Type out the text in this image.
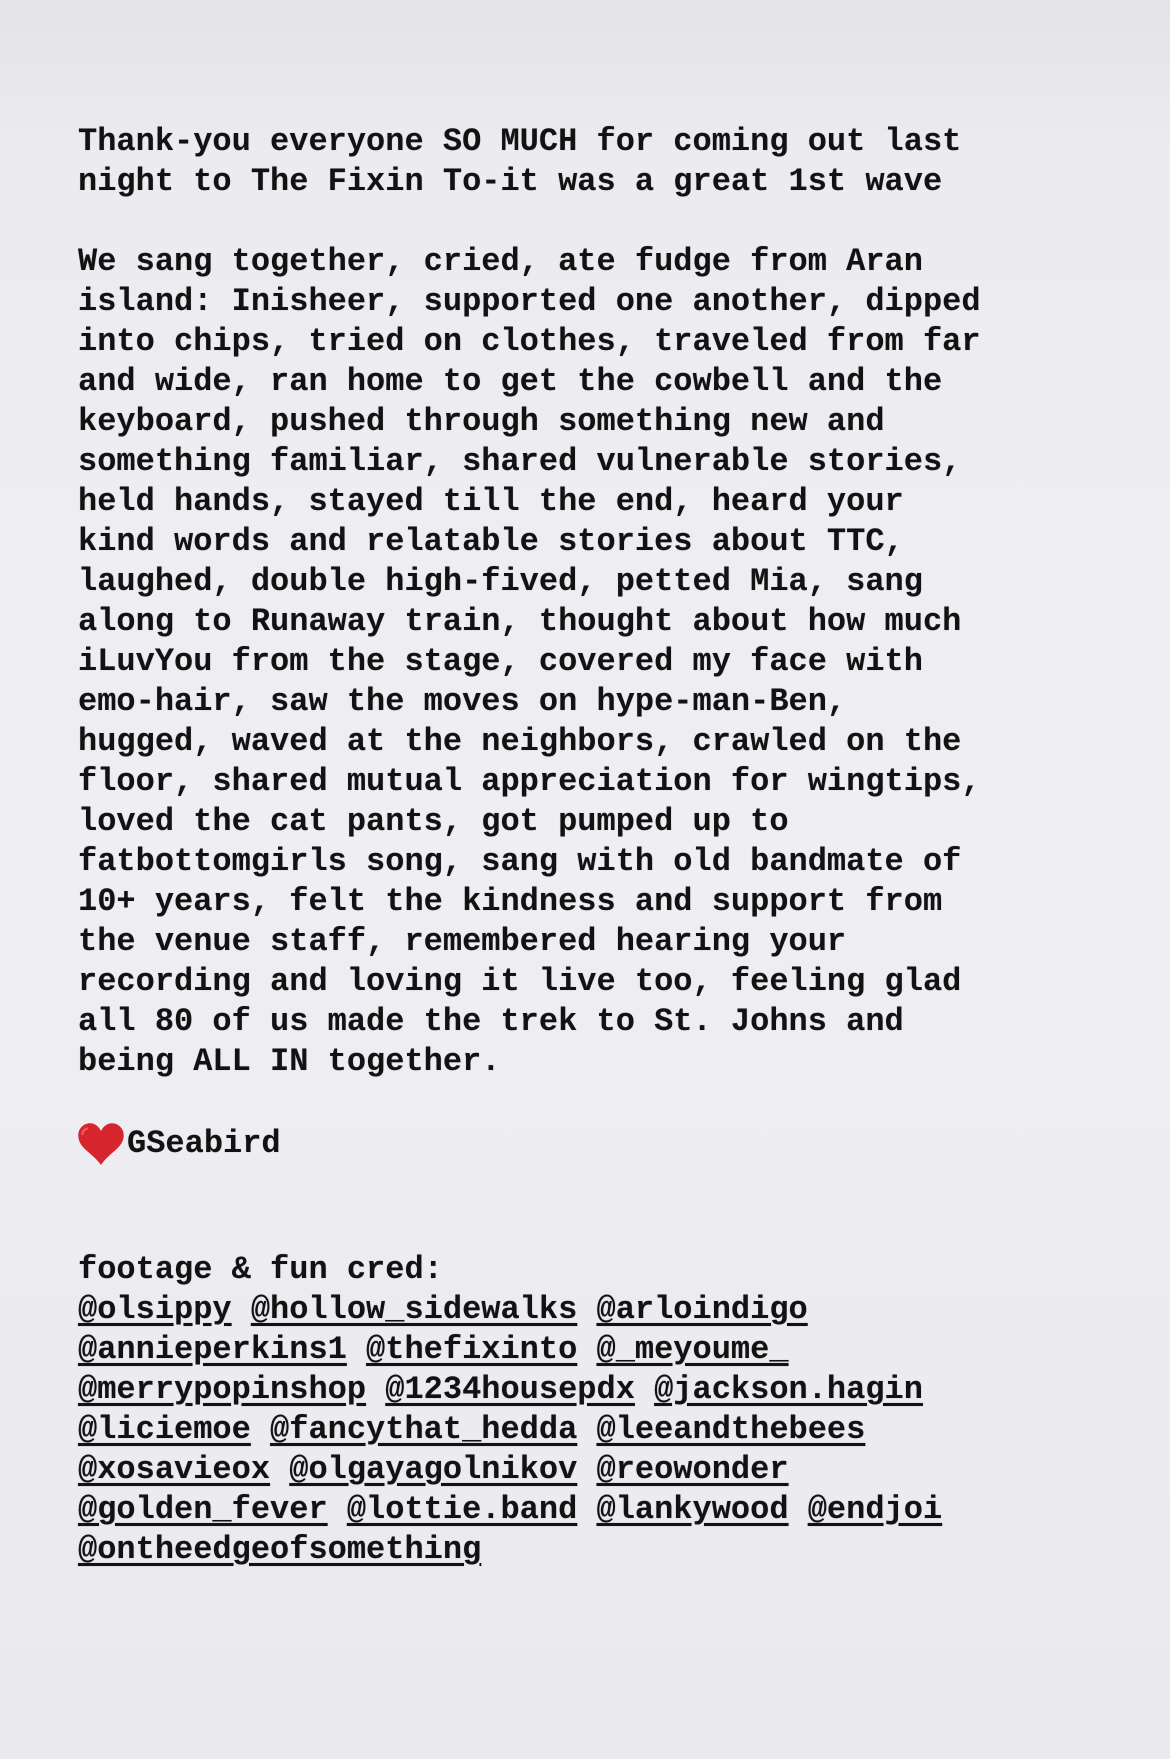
Thank-you everyone SO MUCH for coming out last night to The Fixin To-it was a great 1st wave

We sang together, cried, ate fudge from Aran island: Inisheer, supported one another, dipped into chips, tried on clothes, traveled from far and wide, ran home to get the cowbell and the keyboard, pushed through something new and something familiar, shared vulnerable stories, held hands, stayed till the end, heard your kind words and relatable stories about TTC, laughed, double high-fived, petted Mia, sang along to Runaway train, thought about how much iLuvYou from the stage, covered my face with emo-hair, saw the moves on hype-man-Ben, hugged, waved at the neighbors, crawled on the floor, shared mutual appreciation for wingtips, loved the cat pants, got pumped up to fatbottomgirls song, sang with old bandmate of 10+ years, felt the kindness and support from the venue staff, remembered hearing your recording and loving it live too, feeling glad all 80 of us made the trek to St. Johns and being ALL IN together.

GSeabird

footage & fun cred:

@olsippy @hollow_sidewalks @arloindigo @annieperkins1 @thefixinto @_meyoume_ @merrypopinshop @1234housepdx @jackson.hagin @liciemoe @fancythat_hedda @leeandthebees @xosavieox @olgayagolnikov @reowonder @golden_fever @lottie.band @lankywood @endjoi @ontheedgeofsomething
